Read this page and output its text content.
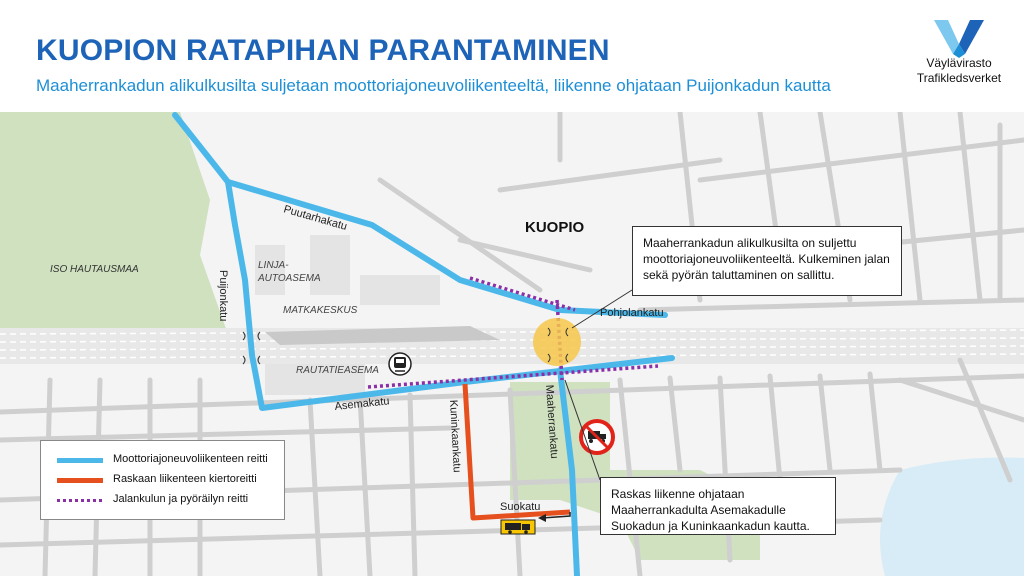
KUOPION RATAPIHAN PARANTAMINEN

Maaherrankadun alikulkusilta suljetaan moottoriajoneuvoliikenteeltä, liikenne ohjataan Puijonkadun kautta

Väylävirasto
Trafikledsverket
KUOPIO
ISO HAUTAUSMAA
Puijonkatu
Puutarhakatu
LINJA-
AUTOASEMA
MATKAKESKUS
RAUTATIEASEMA
Pohjolankatu
Asemakatu	Kuninkaankatu	Maaherrankatu
Suokatu
Maaherrankadun alikulkusilta on suljettu moottoriajoneuvoliikenteeltä. Kulkeminen jalan sekä pyörän taluttaminen on sallittu.
Raskas liikenne ohjataan Maaherrankadulta Asemakadulle Suokadun ja Kuninkaankadun kautta.
Moottoriajoneuvoliikenteen reitti
Raskaan liikenteen kiertoreitti
Jalankulun ja pyöräilyn reitti
